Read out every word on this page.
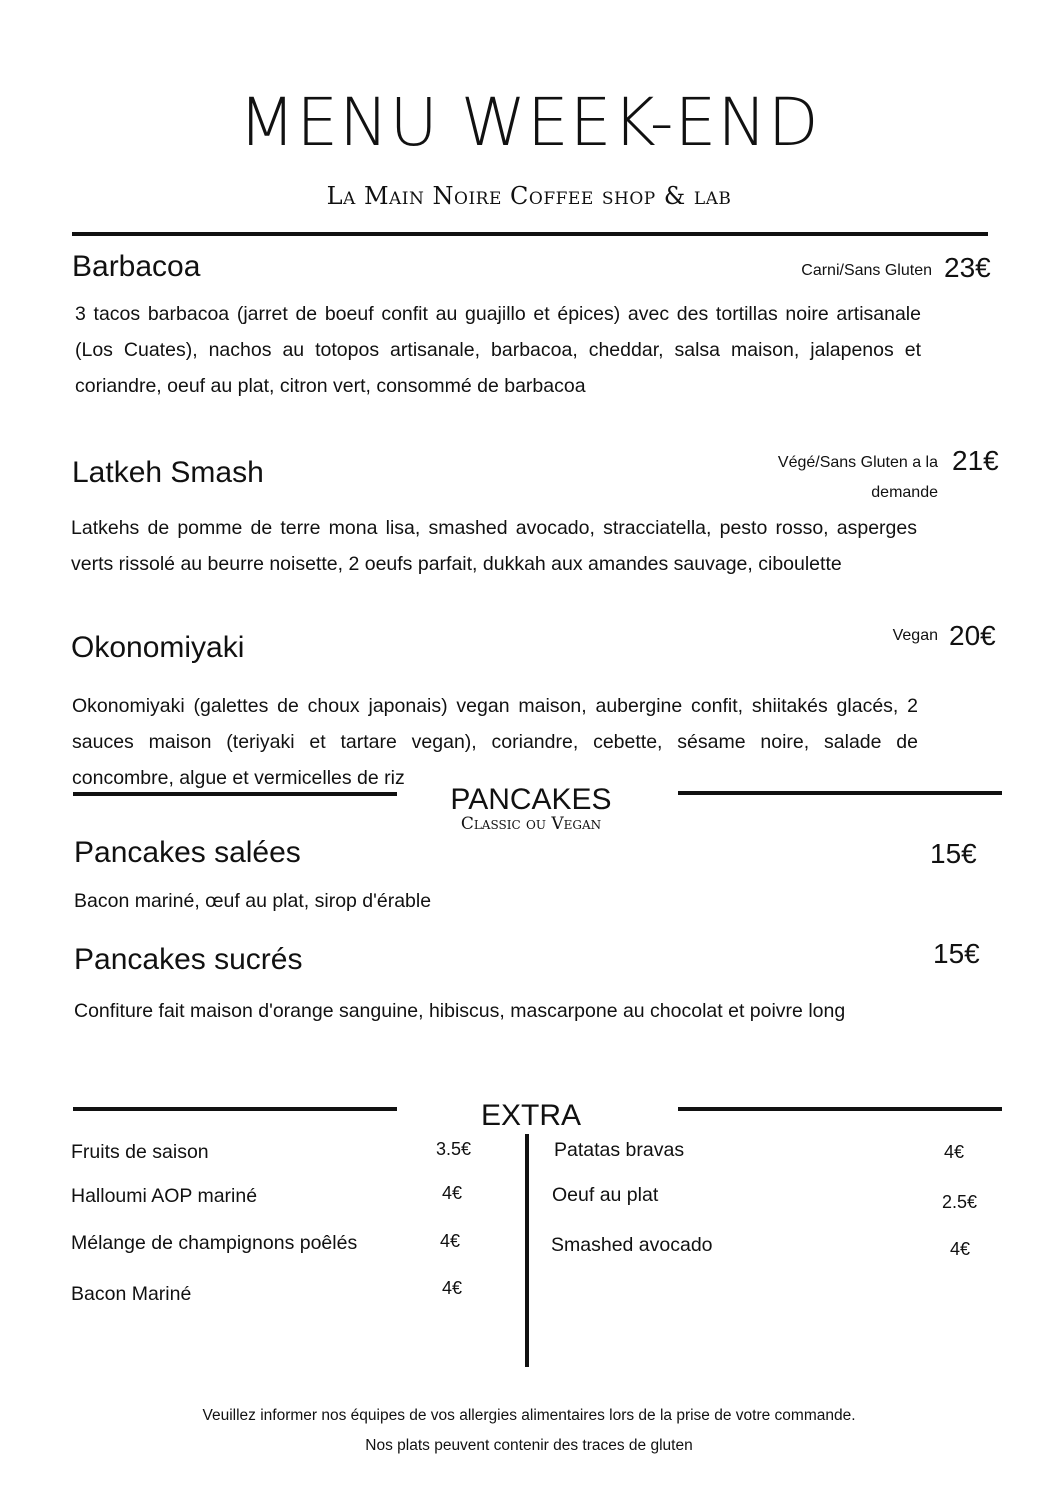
MENU WEEK-END
La Main Noire Coffee shop & lab
Barbacoa	Carni/Sans Gluten 23€
3 tacos barbacoa (jarret de boeuf confit au guajillo et épices) avec des tortillas noire artisanale (Los Cuates), nachos au totopos artisanale, barbacoa, cheddar, salsa maison, jalapenos et coriandre, oeuf au plat, citron vert, consommé de barbacoa
Latkeh Smash	Végé/Sans Gluten a la
demande
21€
Latkehs de pomme de terre mona lisa, smashed avocado, stracciatella, pesto rosso, asperges verts rissolé au beurre noisette, 2 oeufs parfait, dukkah aux amandes sauvage, ciboulette
Okonomiyaki	Vegan 20€
Okonomiyaki (galettes de choux japonais) vegan maison, aubergine confit, shiitakés glacés, 2 sauces maison (teriyaki et tartare vegan), coriandre, cebette, sésame noire, salade de concombre, algue et vermicelles de riz
PANCAKES
Classic ou Vegan
Pancakes salées	15€
Bacon mariné, œuf au plat, sirop d'érable
Pancakes sucrés	15€
Confiture fait maison d'orange sanguine, hibiscus, mascarpone au chocolat et poivre long
EXTRA
Fruits de saison	3.5€
Halloumi AOP mariné	4€
Mélange de champignons poêlés	4€
Bacon Mariné	4€
Patatas bravas	4€
Oeuf au plat	2.5€
Smashed avocado	4€
Veuillez informer nos équipes de vos allergies alimentaires lors de la prise de votre commande.
Nos plats peuvent contenir des traces de gluten
